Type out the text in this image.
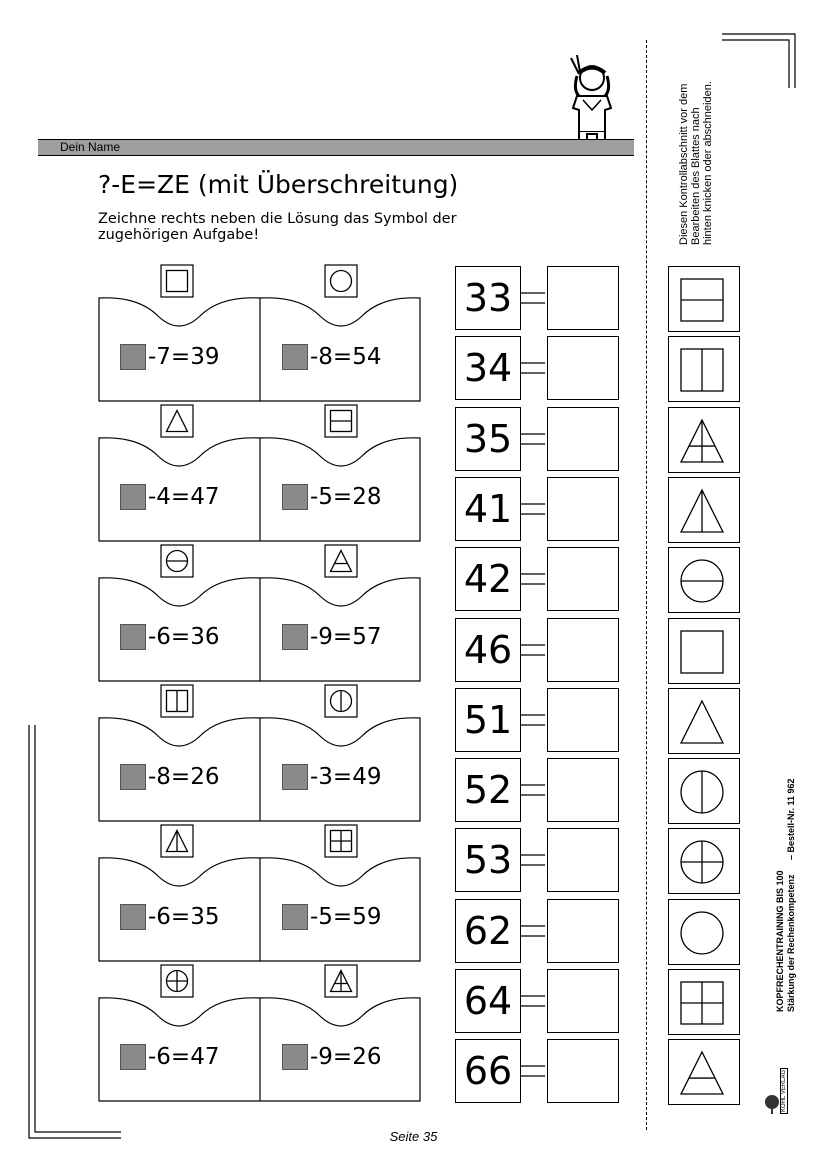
Dein Name
?-E=ZE (mit Überschreitung)
Zeichne rechts neben die Lösung das Symbol der zugehörigen Aufgabe!
-7=39	-8=54
-4=47	-5=28
-6=36	-9=57
-8=26	-3=49
-6=35	-5=59
-6=47	-9=26
33
34
35
41
42
46
51
52
53
62
64
66
Diesen Kontrollabschnitt vor dem Bearbeiten des Blattes nach hinten knicken oder abschneiden.
KOPFRECHENTRAINING BIS 100 Stärkung der Rechenkompetenz
– Bestell-Nr. 11 962
KOHL VERLAG
Seite 35
